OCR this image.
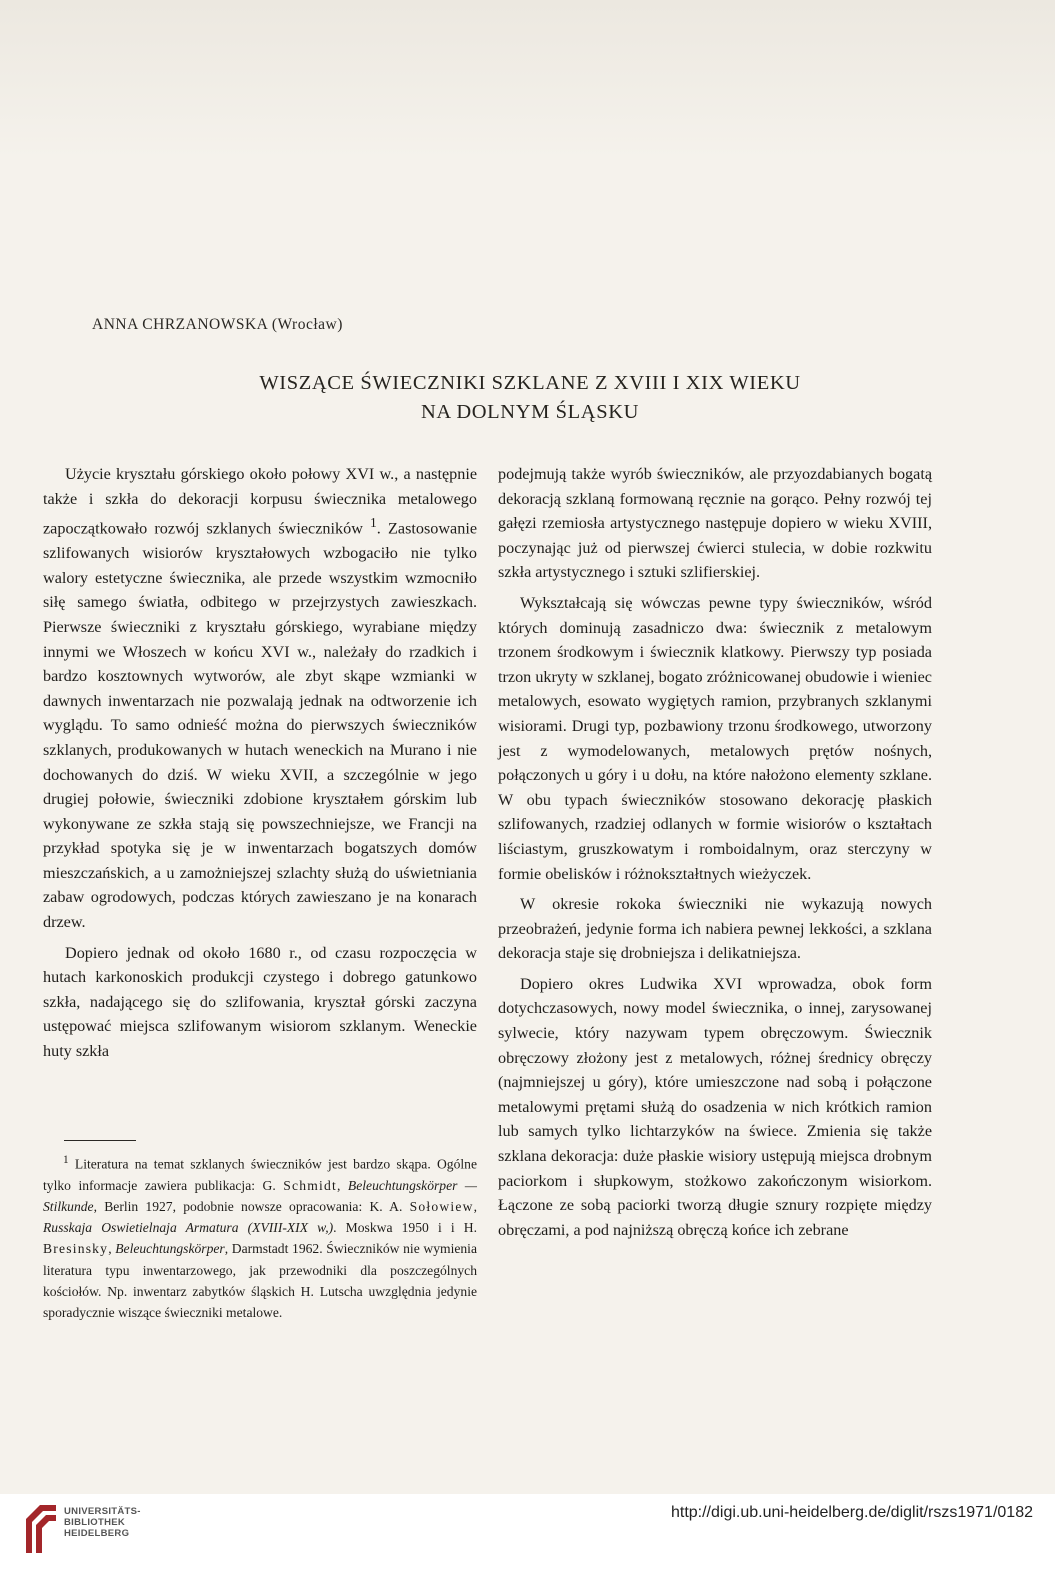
ANNA CHRZANOWSKA (Wrocław)
WISZĄCE ŚWIECZNIKI SZKLANE Z XVIII I XIX WIEKU
NA DOLNYM ŚLĄSKU

Użycie kryształu górskiego około połowy XVI w., a następnie także i szkła do dekoracji korpusu świecznika metalowego zapoczątkowało rozwój szklanych świeczników $^1$. Zastosowanie szlifowanych wisiorów kryształowych wzbogaciło nie tylko walory estetyczne świecznika, ale przede wszystkim wzmocniło siłę samego światła, odbitego w przejrzystych zawieszkach. Pierwsze świeczniki z kryształu górskiego, wyrabiane między innymi we Włoszech w końcu XVI w., należały do rzadkich i bardzo kosztownych wytworów, ale zbyt skąpe wzmianki w dawnych inwentarzach nie pozwalają jednak na odtworzenie ich wyglądu. To samo odnieść można do pierwszych świeczników szklanych, produkowanych w hutach weneckich na Murano i nie dochowanych do dziś. W wieku XVII, a szczególnie w jego drugiej połowie, świeczniki zdobione kryształem górskim lub wykonywane ze szkła stają się powszechniejsze, we Francji na przykład spotyka się je w inwentarzach bogatszych domów mieszczańskich, a u zamożniejszej szlachty służą do uświetniania zabaw ogrodowych, podczas których zawieszano je na konarach drzew.

Dopiero jednak od około 1680 r., od czasu rozpoczęcia w hutach karkonoskich produkcji czystego i dobrego gatunkowo szkła, nadającego się do szlifowania, kryształ górski zaczyna ustępować miejsca szlifowanym wisiorom szklanym. Weneckie huty szkła

podejmują także wyrób świeczników, ale przyozdabianych bogatą dekoracją szklaną formowaną ręcznie na gorąco. Pełny rozwój tej gałęzi rzemiosła artystycznego następuje dopiero w wieku XVIII, poczynając już od pierwszej ćwierci stulecia, w dobie rozkwitu szkła artystycznego i sztuki szlifierskiej.

Wykształcają się wówczas pewne typy świeczników, wśród których dominują zasadniczo dwa: świecznik z metalowym trzonem środkowym i świecznik klatkowy. Pierwszy typ posiada trzon ukryty w szklanej, bogato zróżnicowanej obudowie i wieniec metalowych, esowato wygiętych ramion, przybranych szklanymi wisiorami. Drugi typ, pozbawiony trzonu środkowego, utworzony jest z wymodelowanych, metalowych prętów nośnych, połączonych u góry i u dołu, na które nałożono elementy szklane. W obu typach świeczników stosowano dekorację płaskich szlifowanych, rzadziej odlanych w formie wisiorów o kształtach liściastym, gruszkowatym i romboidalnym, oraz sterczyny w formie obelisków i różnokształtnych wieżyczek.

W okresie rokoka świeczniki nie wykazują nowych przeobrażeń, jedynie forma ich nabiera pewnej lekkości, a szklana dekoracja staje się drobniejsza i delikatniejsza.

Dopiero okres Ludwika XVI wprowadza, obok form dotychczasowych, nowy model świecznika, o innej, zarysowanej sylwecie, który nazywam typem obręczowym. Świecznik obręczowy złożony jest z metalowych, różnej średnicy obręczy (najmniejszej u góry), które umieszczone nad sobą i połączone metalowymi prętami służą do osadzenia w nich krótkich ramion lub samych tylko lichtarzyków na świece. Zmienia się także szklana dekoracja: duże płaskie wisiory ustępują miejsca drobnym paciorkom i słupkowym, stożkowo zakończonym wisiorkom. Łączone ze sobą paciorki tworzą długie sznury rozpięte między obręczami, a pod najniższą obręczą końce ich zebrane

$^1$ Literatura na temat szklanych świeczników jest bardzo skąpa. Ogólne tylko informacje zawiera publikacja: G. Schmidt, Beleuchtungskörper — Stilkunde, Berlin 1927, podobnie nowsze opracowania: K. A. Sołowiew, Russkaja Oswietielnaja Armatura (XVIII-XIX w,). Moskwa 1950 i i H. Bresinsky, Beleuchtungskörper, Darmstadt 1962. Świeczników nie wymienia literatura typu inwentarzowego, jak przewodniki dla poszczególnych kościołów. Np. inwentarz zabytków śląskich H. Lutscha uwzględnia jedynie sporadycznie wiszące świeczniki metalowe.
UNIVERSITÄTS-
BIBLIOTHEK
HEIDELBERG
http://digi.ub.uni-heidelberg.de/diglit/rszs1971/0182
